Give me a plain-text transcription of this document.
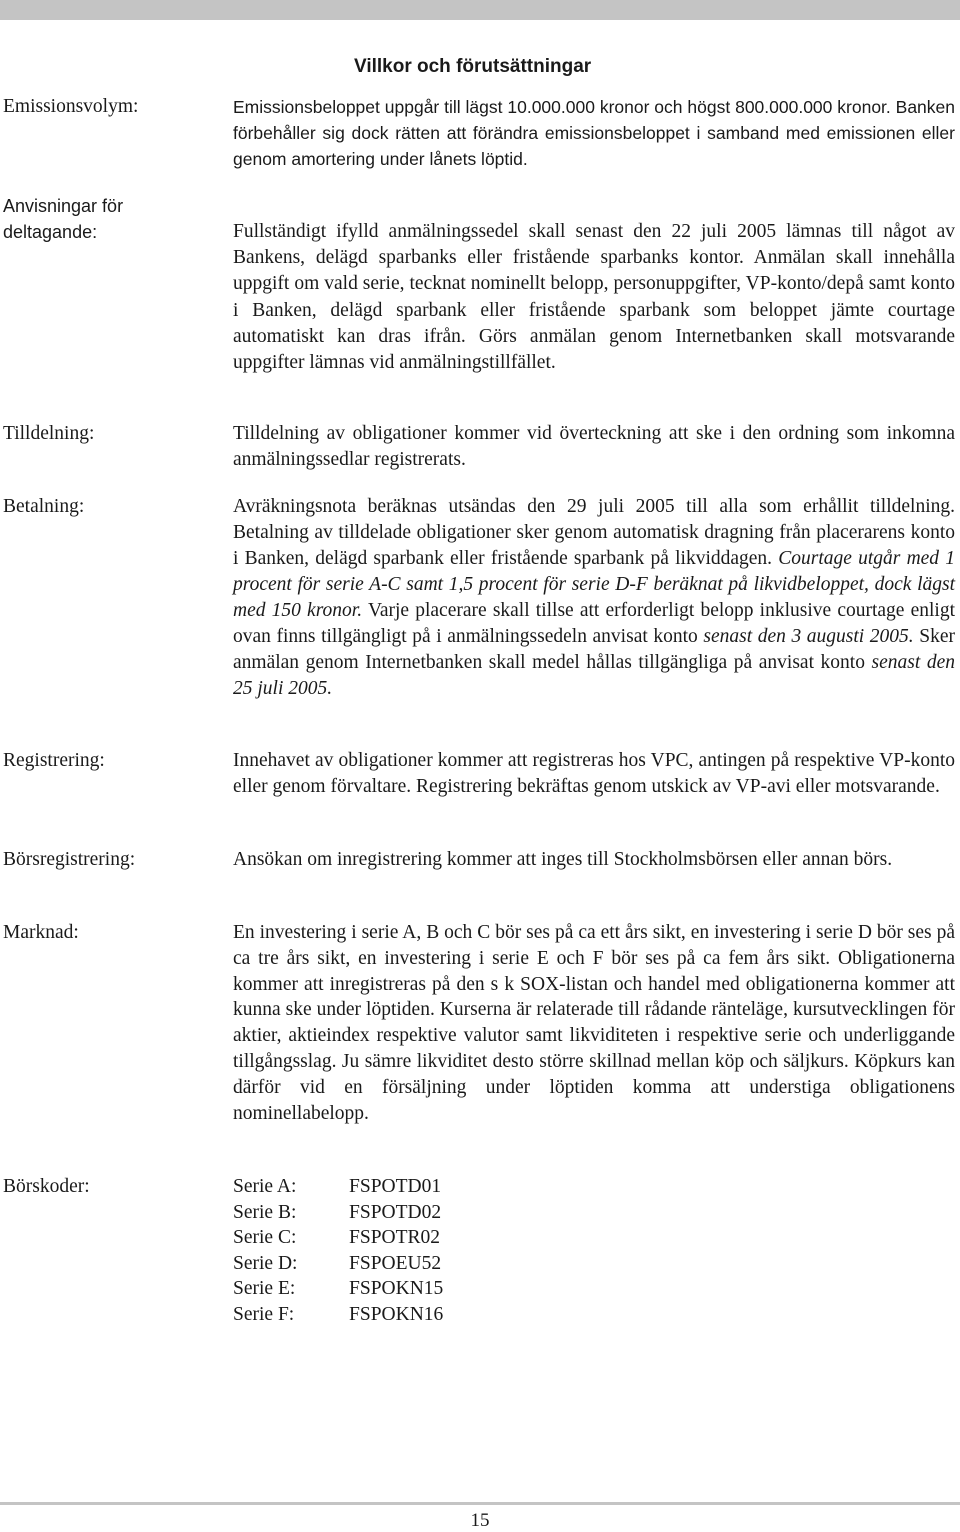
Villkor och förutsättningar
Emissionsvolym:	Emissionsbeloppet uppgår till lägst 10.000.000 kronor och högst 800.000.000 kronor. Banken förbehåller sig dock rätten att förändra emissionsbeloppet i samband med emissionen eller genom amortering under lånets löptid.
Anvisningar för
deltagande:	Fullständigt ifylld anmälningssedel skall senast den 22 juli 2005 lämnas till något av Bankens, delägd sparbanks eller fristående sparbanks kontor. Anmälan skall innehålla uppgift om vald serie, tecknat nominellt belopp, personuppgifter, VP-konto/depå samt konto i Banken, delägd sparbank eller fristående sparbank som beloppet jämte courtage automatiskt kan dras ifrån. Görs anmälan genom Internetbanken skall motsvarande uppgifter lämnas vid anmälningstillfället.
Tilldelning:	Tilldelning av obligationer kommer vid överteckning att ske i den ordning som inkomna anmälningssedlar registrerats.
Betalning:	Avräkningsnota beräknas utsändas den 29 juli 2005 till alla som erhållit tilldelning. Betalning av tilldelade obligationer sker genom automatisk dragning från placerarens konto i Banken, delägd sparbank eller fristående sparbank på likviddagen. Courtage utgår med 1 procent för serie A-C samt 1,5 procent för serie D-F beräknat på likvidbeloppet, dock lägst med 150 kronor. Varje placerare skall tillse att erforderligt belopp inklusive courtage enligt ovan finns tillgängligt på i anmälningssedeln anvisat konto senast den 3 augusti 2005. Sker anmälan genom Internetbanken skall medel hållas tillgängliga på anvisat konto senast den 25 juli 2005.
Registrering:	Innehavet av obligationer kommer att registreras hos VPC, antingen på respektive VP-konto eller genom förvaltare. Registrering bekräftas genom utskick av VP-avi eller motsvarande.
Börsregistrering:	Ansökan om inregistrering kommer att inges till Stockholmsbörsen eller annan börs.
Marknad:	En investering i serie A, B och C bör ses på ca ett års sikt, en investering i serie D bör ses på ca tre års sikt, en investering i serie E och F bör ses på ca fem års sikt. Obligationerna kommer att inregistreras på den s k SOX-listan och handel med obligationerna kommer att kunna ske under löptiden. Kurserna är relaterade till rådande ränteläge, kursutvecklingen för aktier, aktieindex respektive valutor samt likviditeten i respektive serie och underliggande tillgångsslag. Ju sämre likviditet desto större skillnad mellan köp och säljkurs. Köpkurs kan därför vid en försäljning under löptiden komma att understiga obligationens nominellabelopp.
Börskoder:	Serie A:	FSPOTD01
Serie B:	FSPOTD02
Serie C:	FSPOTR02
Serie D:	FSPOEU52
Serie E:	FSPOKN15
Serie F:	FSPOKN16
15
